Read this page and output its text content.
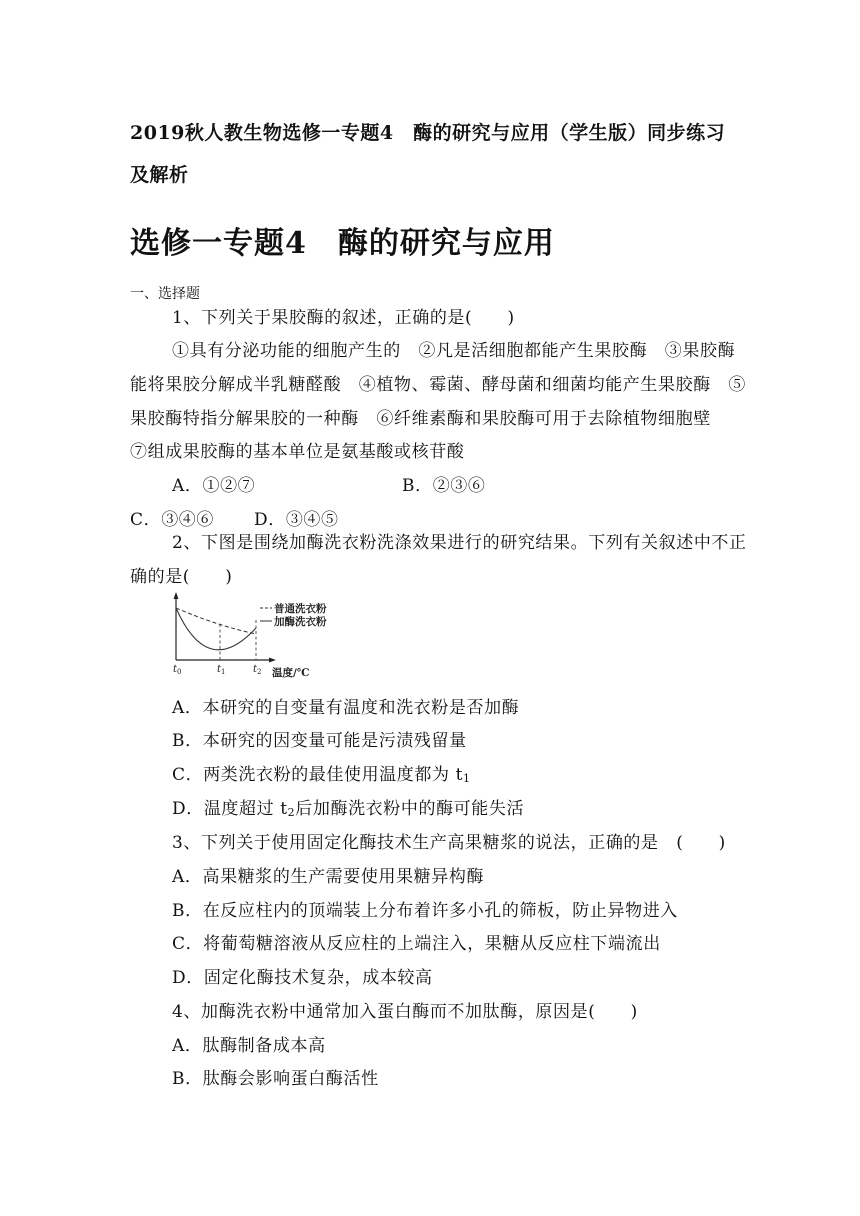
2019秋人教生物选修一专题4　酶的研究与应用（学生版）同步练习
及解析
选修一专题4　酶的研究与应用
一、选择题
1、下列关于果胶酶的叙述，正确的是(　　)
①具有分泌功能的细胞产生的　②凡是活细胞都能产生果胶酶　③果胶酶
能将果胶分解成半乳糖醛酸　④植物、霉菌、酵母菌和细菌均能产生果胶酶　⑤
果胶酶特指分解果胶的一种酶　⑥纤维素酶和果胶酶可用于去除植物细胞壁
⑦组成果胶酶的基本单位是氨基酸或核苷酸
A．①②⑦	B．②③⑥
C．③④⑥ D．③④⑤
2、下图是围绕加酶洗衣粉洗涤效果进行的研究结果。下列有关叙述中不正
确的是(　　)
普通洗衣粉
加酶洗衣粉
$t_0$	$t_1$	$t_2$ 温度/℃
A．本研究的自变量有温度和洗衣粉是否加酶
B．本研究的因变量可能是污渍残留量
C．两类洗衣粉的最佳使用温度都为 $t_1$
D．温度超过 $t_2$后加酶洗衣粉中的酶可能失活
3、下列关于使用固定化酶技术生产高果糖浆的说法，正确的是　(　　)
A．高果糖浆的生产需要使用果糖异构酶
B．在反应柱内的顶端装上分布着许多小孔的筛板，防止异物进入
C．将葡萄糖溶液从反应柱的上端注入，果糖从反应柱下端流出
D．固定化酶技术复杂，成本较高
4、加酶洗衣粉中通常加入蛋白酶而不加肽酶，原因是(　　)
A．肽酶制备成本高
B．肽酶会影响蛋白酶活性
